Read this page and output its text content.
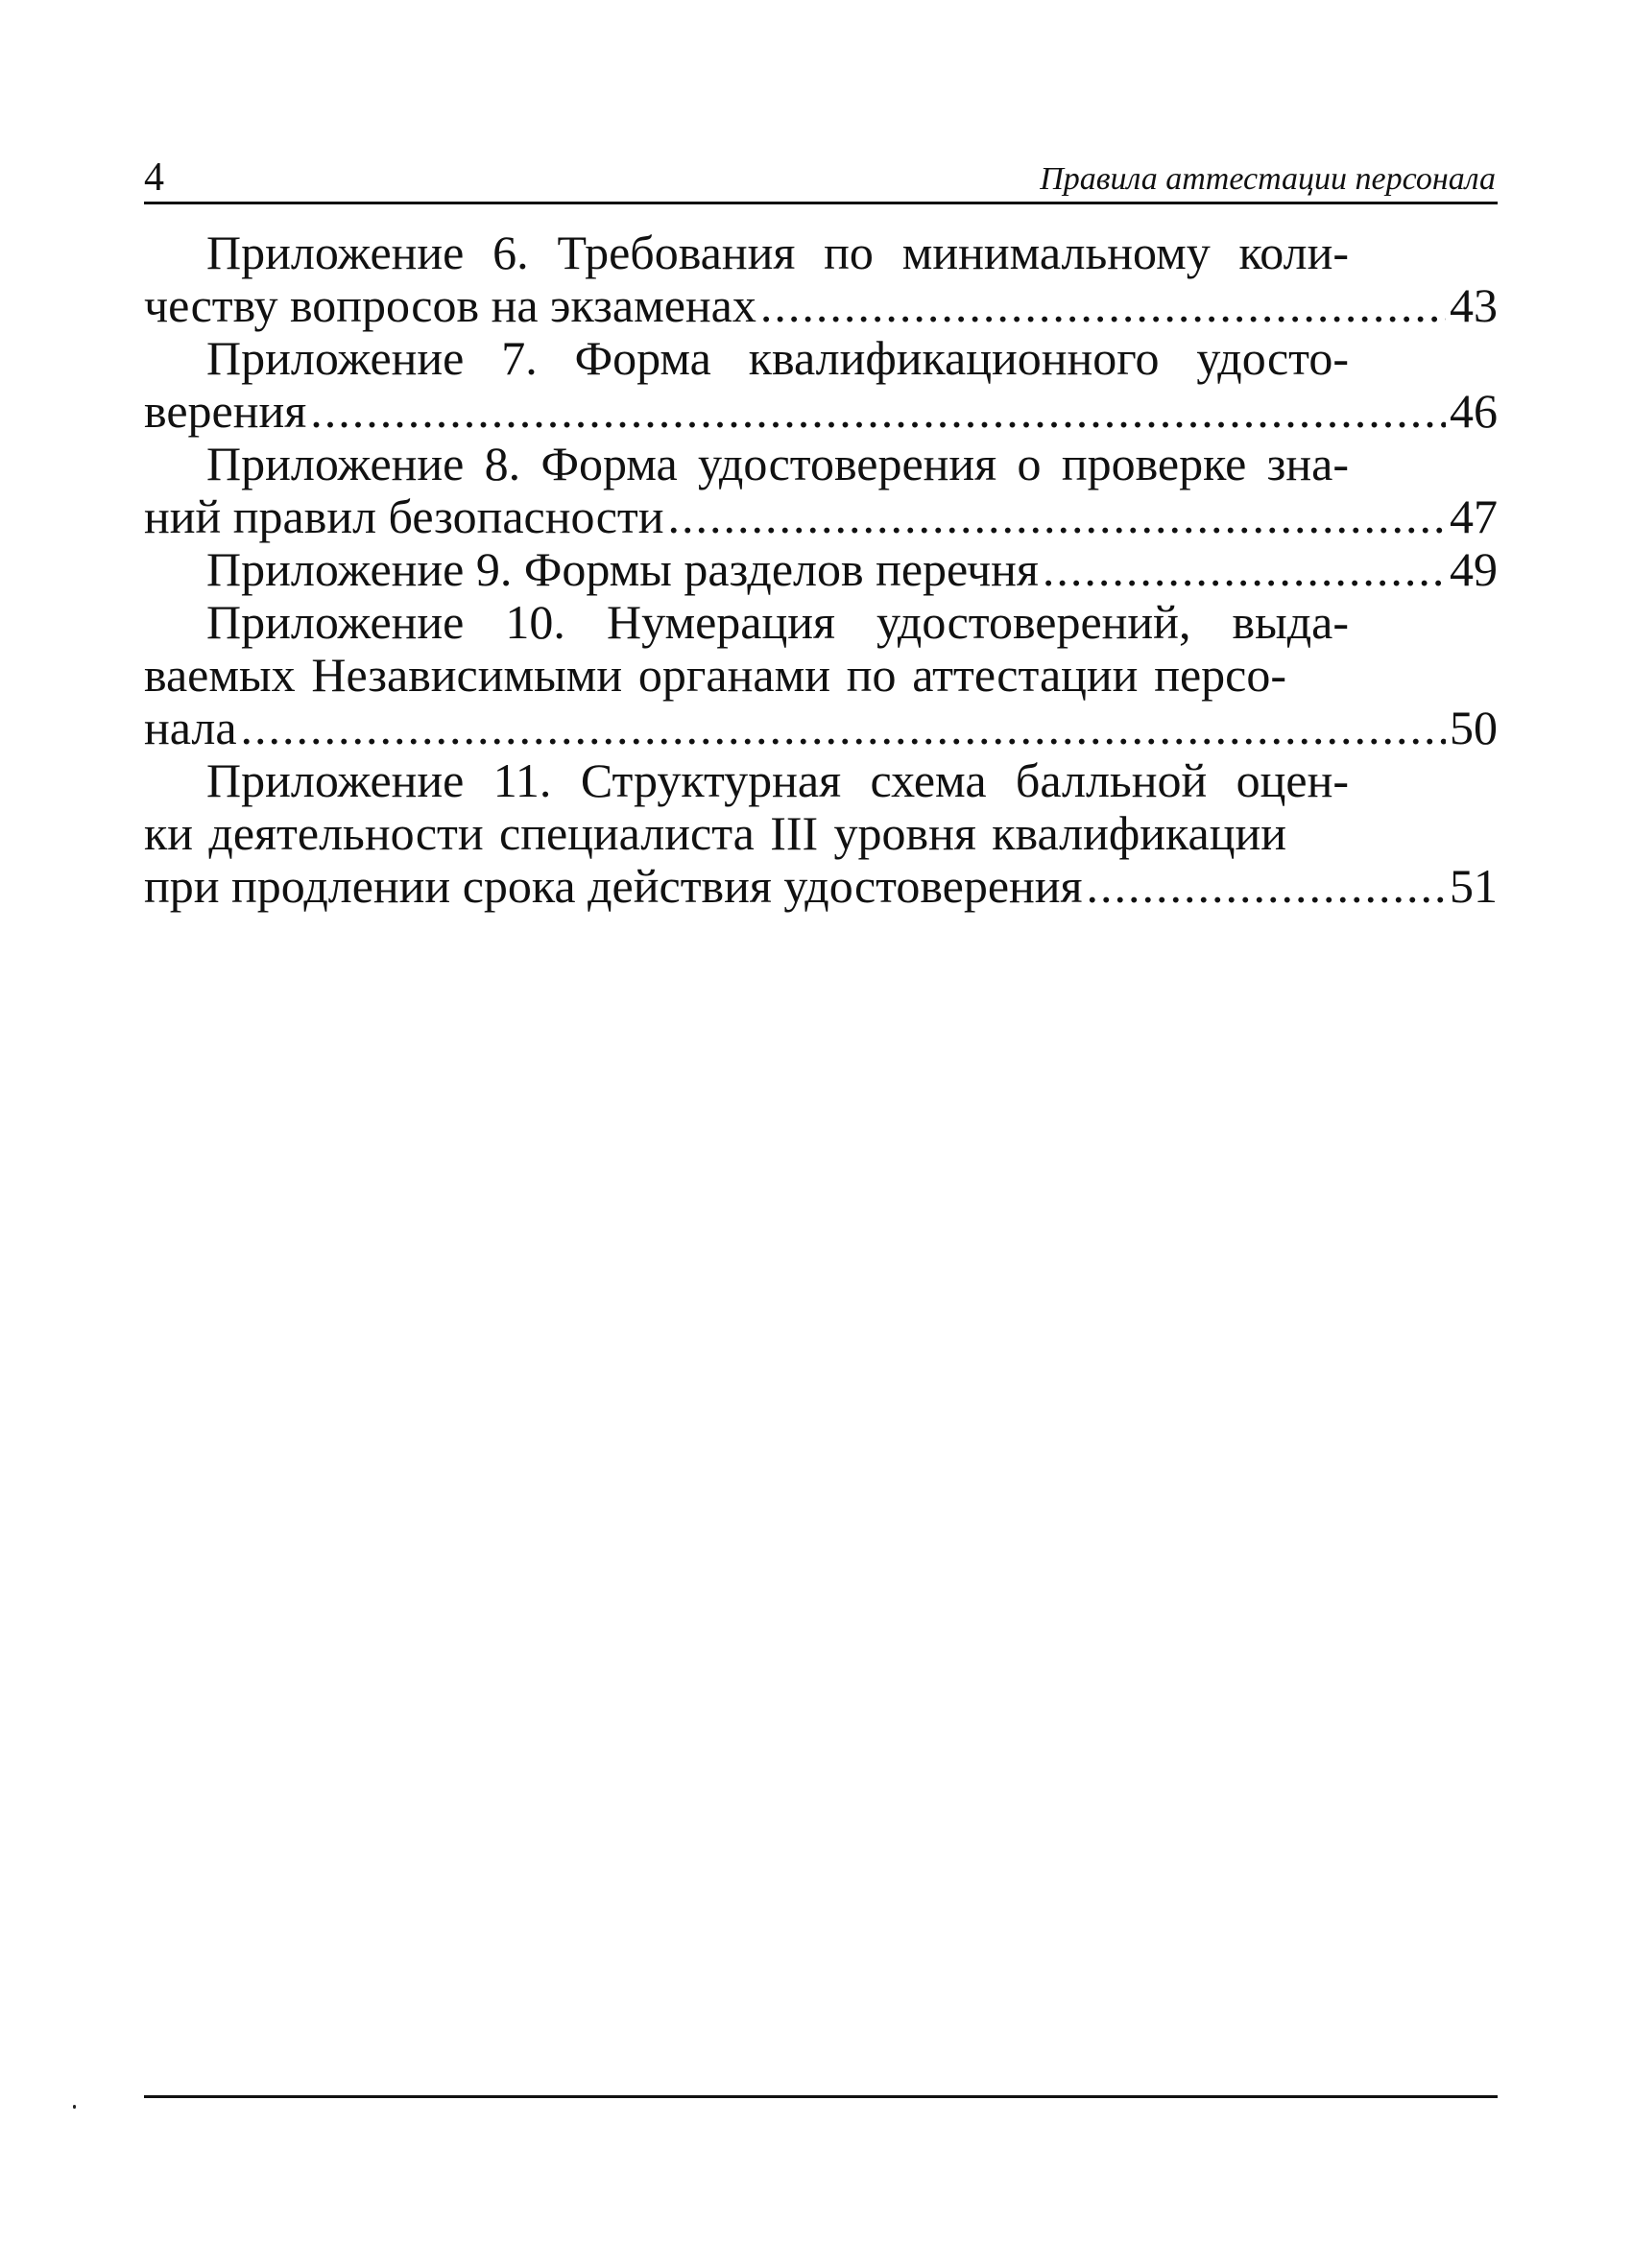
4	Правила аттестации персонала
Приложение 6. Требования по минимальному коли-
честву вопросов на экзаменах .....	43
Приложение 7. Форма квалификационного удосто-
верения .....	46
Приложение 8. Форма удостоверения о проверке зна-
ний правил безопасности .....	47
Приложение 9. Формы разделов перечня .....	49
Приложение 10. Нумерация удостоверений, выда-
ваемых Независимыми органами по аттестации персо-
нала .....	50
Приложение 11. Структурная схема балльной оцен-
ки деятельности специалиста III уровня квалификации
при продлении срока действия удостоверения .....	51
